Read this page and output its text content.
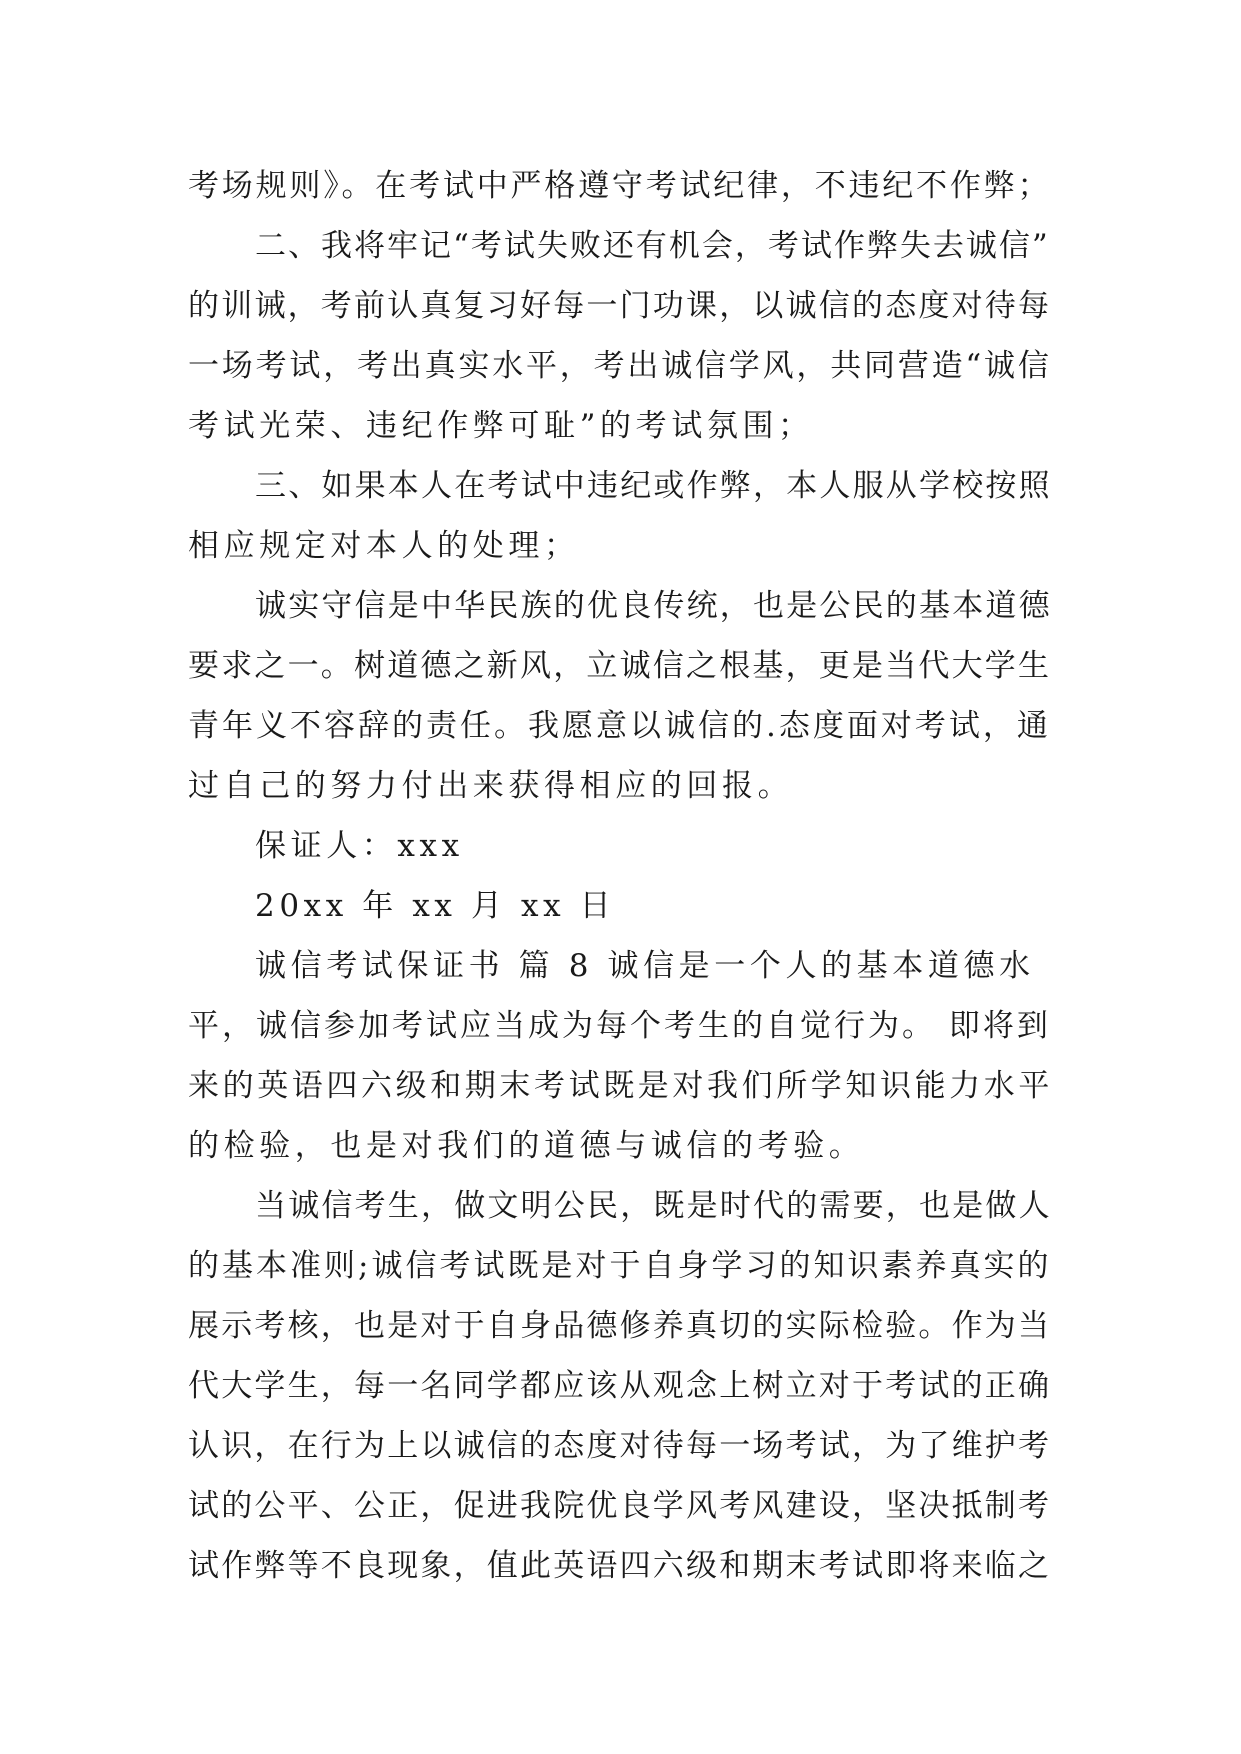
考场规则》。在考试中严格遵守考试纪律，不违纪不作弊；
二、我将牢记“考试失败还有机会，考试作弊失去诚信”
的训诫，考前认真复习好每一门功课，以诚信的态度对待每
一场考试，考出真实水平，考出诚信学风，共同营造“诚信
考试光荣、违纪作弊可耻”的考试氛围；
三、如果本人在考试中违纪或作弊，本人服从学校按照
相应规定对本人的处理；
诚实守信是中华民族的优良传统，也是公民的基本道德
要求之一。树道德之新风，立诚信之根基，更是当代大学生
青年义不容辞的责任。我愿意以诚信的.态度面对考试，通
过自己的努力付出来获得相应的回报。
保证人：xxx
20xx 年 xx 月 xx 日
诚信考试保证书 篇 8 诚信是一个人的基本道德水
平，诚信参加考试应当成为每个考生的自觉行为。 即将到
来的英语四六级和期末考试既是对我们所学知识能力水平
的检验，也是对我们的道德与诚信的考验。
当诚信考生，做文明公民，既是时代的需要，也是做人
的基本准则;诚信考试既是对于自身学习的知识素养真实的
展示考核，也是对于自身品德修养真切的实际检验。作为当
代大学生，每一名同学都应该从观念上树立对于考试的正确
认识，在行为上以诚信的态度对待每一场考试，为了维护考
试的公平、公正，促进我院优良学风考风建设，坚决抵制考
试作弊等不良现象，值此英语四六级和期末考试即将来临之
